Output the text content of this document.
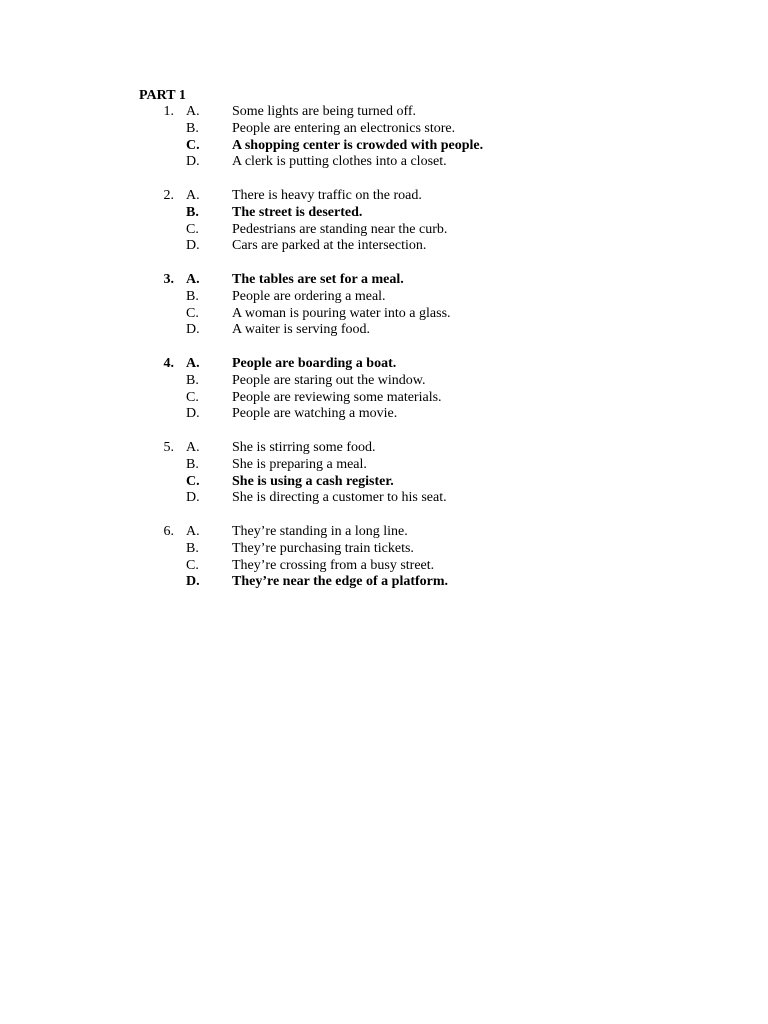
PART 1
1. A. Some lights are being turned off.
B. People are entering an electronics store.
C. A shopping center is crowded with people.
D. A clerk is putting clothes into a closet.
2. A. There is heavy traffic on the road.
B. The street is deserted.
C. Pedestrians are standing near the curb.
D. Cars are parked at the intersection.
3. A. The tables are set for a meal.
B. People are ordering a meal.
C. A woman is pouring water into a glass.
D. A waiter is serving food.
4. A. People are boarding a boat.
B. People are staring out the window.
C. People are reviewing some materials.
D. People are watching a movie.
5. A. She is stirring some food.
B. She is preparing a meal.
C. She is using a cash register.
D. She is directing a customer to his seat.
6. A. They’re standing in a long line.
B. They’re purchasing train tickets.
C. They’re crossing from a busy street.
D. They’re near the edge of a platform.
